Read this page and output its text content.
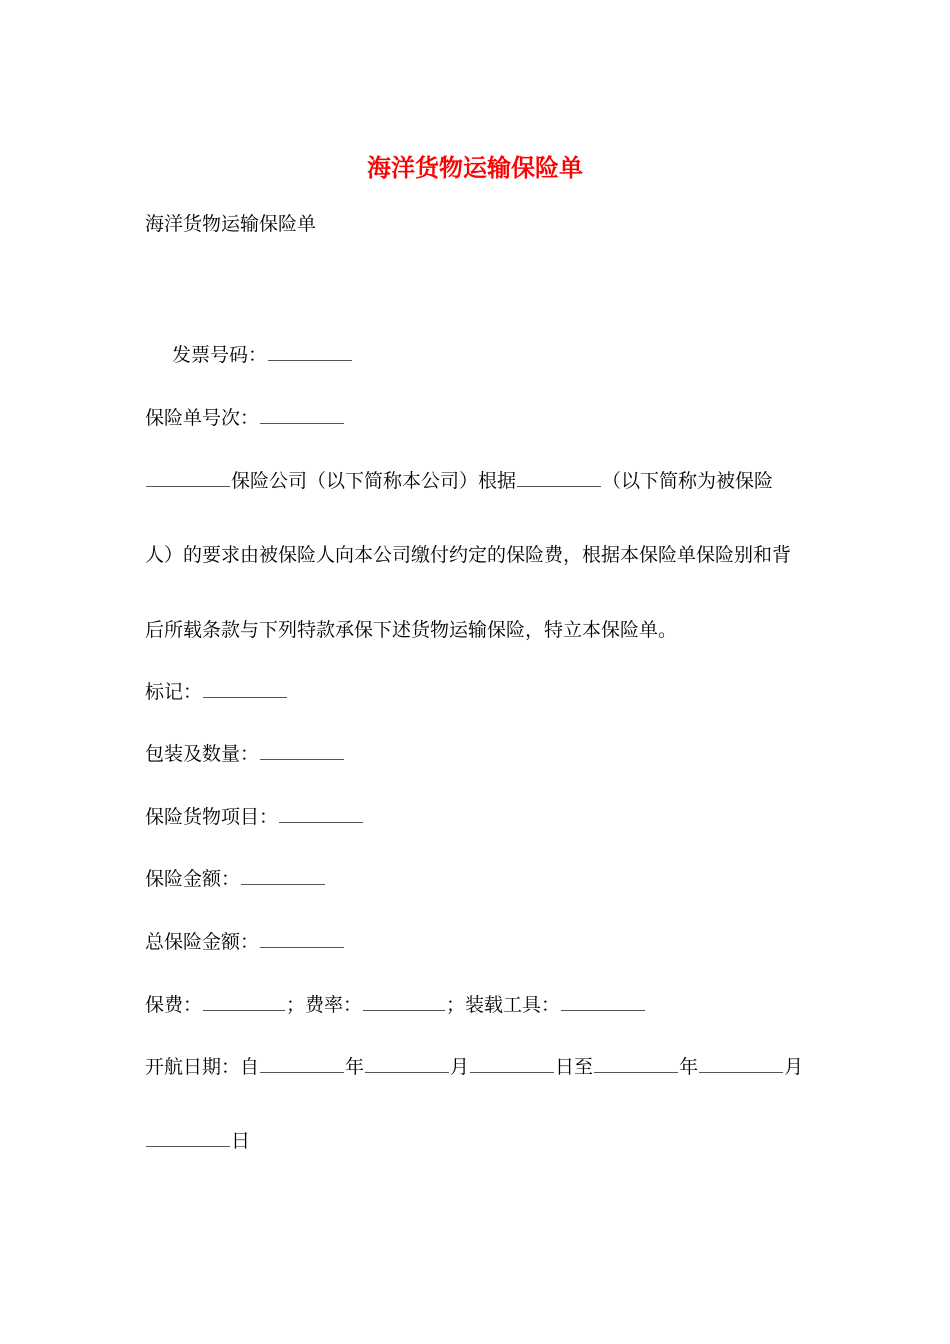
海洋货物运输保险单
海洋货物运输保险单
发票号码：
保险单号次：
保险公司（以下简称本公司）根据	（以下简称为被保险
人）的要求由被保险人向本公司缴付约定的保险费，根据本保险单保险别和背
后所载条款与下列特款承保下述货物运输保险，特立本保险单。
标记：
包装及数量：
保险货物项目：
保险金额：
总保险金额：
保费：	；费率：	；装载工具：
开航日期：自	年	月	日至	年	月
日
